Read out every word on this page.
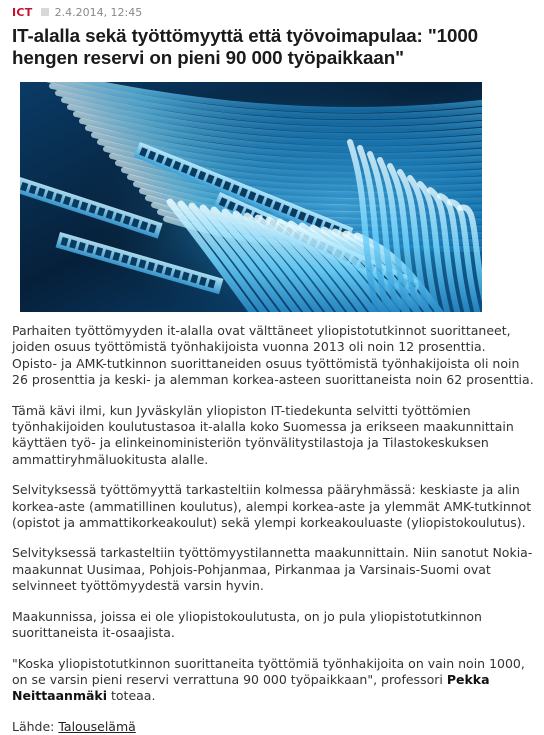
ICT 2.4.2014, 12:45
IT-alalla sekä työttömyyttä että työvoimapulaa: "1000 hengen reservi on pieni 90 000 työpaikkaan"

Parhaiten työttömyyden it-alalla ovat välttäneet yliopistotutkinnot suorittaneet, joiden osuus työttömistä työnhakijoista vuonna 2013 oli noin 12 prosenttia. Opisto- ja AMK-tutkinnon suorittaneiden osuus työttömistä työnhakijoista oli noin 26 prosenttia ja keski- ja alemman korkea-asteen suorittaneista noin 62 prosenttia.

Tämä kävi ilmi, kun Jyväskylän yliopiston IT-tiedekunta selvitti työttömien työnhakijoiden koulutustasoa it-alalla koko Suomessa ja erikseen maakunnittain käyttäen työ- ja elinkeinoministeriön työnvälitystilastoja ja Tilastokeskuksen ammattiryhmäluokitusta alalle.

Selvityksessä työttömyyttä tarkasteltiin kolmessa pääryhmässä: keskiaste ja alin korkea-aste (ammatillinen koulutus), alempi korkea-aste ja ylemmät AMK-tutkinnot (opistot ja ammattikorkeakoulut) sekä ylempi korkeakouluaste (yliopistokoulutus).

Selvityksessä tarkasteltiin työttömyystilannetta maakunnittain. Niin sanotut Nokia-maakunnat Uusimaa, Pohjois-Pohjanmaa, Pirkanmaa ja Varsinais-Suomi ovat selvinneet työttömyydestä varsin hyvin.

Maakunnissa, joissa ei ole yliopistokoulutusta, on jo pula yliopistotutkinnon suorittaneista it-osaajista.

"Koska yliopistotutkinnon suorittaneita työttömiä työnhakijoita on vain noin 1000, on se varsin pieni reservi verrattuna 90 000 työpaikkaan", professori Pekka Neittaanmäki toteaa.

Lähde: Talouselämä
